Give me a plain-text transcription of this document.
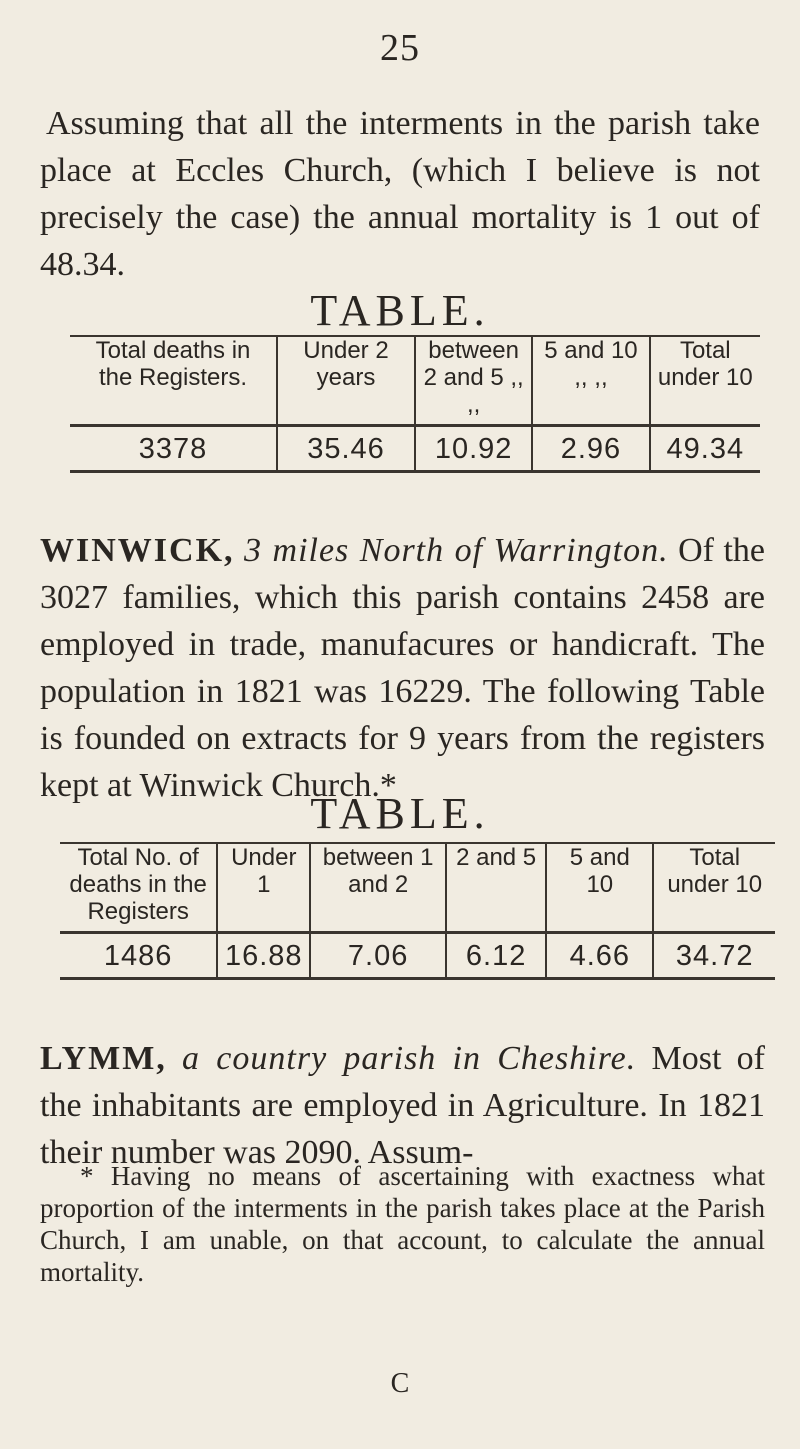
25

Assuming that all the interments in the parish take place at Eccles Church, (which I believe is not precisely the case) the annual mortality is 1 out of 48.34.

TABLE.
Total deaths in the Registers.	Under 2 years	between 2 and 5 ,, ,,	5 and 10 ,, ,,	Total under 10
3378	35.46	10.92	2.96	49.34

WINWICK, 3 miles North of Warrington. Of the 3027 families, which this parish contains 2458 are employed in trade, manufacures or handicraft. The population in 1821 was 16229. The following Table is founded on extracts for 9 years from the registers kept at Winwick Church.*

TABLE.
Total No. of deaths in the Registers	Under 1	between 1 and 2	2 and 5	5 and 10	Total under 10
1486	16.88	7.06	6.12	4.66	34.72

LYMM, a country parish in Cheshire. Most of the inhabitants are employed in Agriculture. In 1821 their number was 2090. Assum-

* Having no means of ascertaining with exactness what proportion of the interments in the parish takes place at the Parish Church, I am unable, on that account, to calculate the annual mortality.

C
